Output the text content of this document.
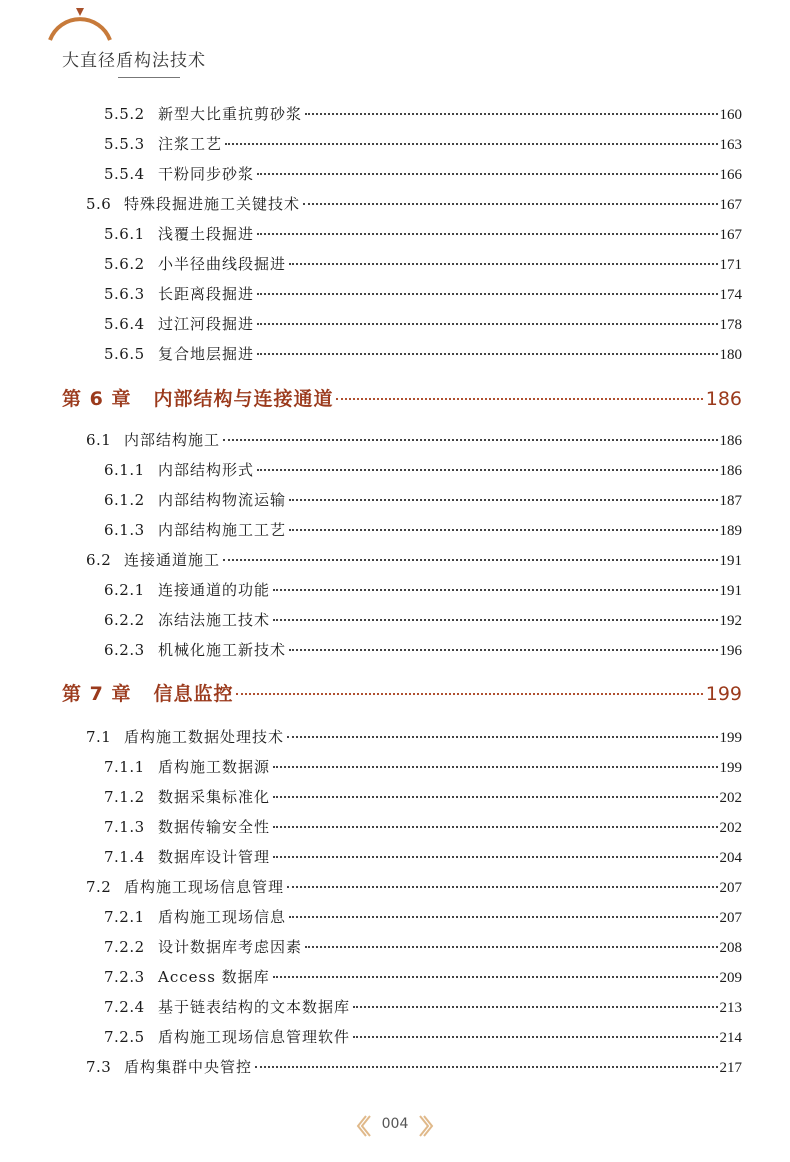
大直径盾构法技术
5.5.2 新型大比重抗剪砂浆	160
5.5.3 注浆工艺	163
5.5.4 干粉同步砂浆	166
5.6 特殊段掘进施工关键技术	167
5.6.1 浅覆土段掘进	167
5.6.2 小半径曲线段掘进	171
5.6.3 长距离段掘进	174
5.6.4 过江河段掘进	178
5.6.5 复合地层掘进	180
第 6 章 内部结构与连接通道	186
6.1 内部结构施工	186
6.1.1 内部结构形式	186
6.1.2 内部结构物流运输	187
6.1.3 内部结构施工工艺	189
6.2 连接通道施工	191
6.2.1 连接通道的功能	191
6.2.2 冻结法施工技术	192
6.2.3 机械化施工新技术	196
第 7 章 信息监控	199
7.1 盾构施工数据处理技术	199
7.1.1 盾构施工数据源	199
7.1.2 数据采集标准化	202
7.1.3 数据传输安全性	202
7.1.4 数据库设计管理	204
7.2 盾构施工现场信息管理	207
7.2.1 盾构施工现场信息	207
7.2.2 设计数据库考虑因素	208
7.2.3 Access 数据库	209
7.2.4 基于链表结构的文本数据库	213
7.2.5 盾构施工现场信息管理软件	214
7.3 盾构集群中央管控	217
004
